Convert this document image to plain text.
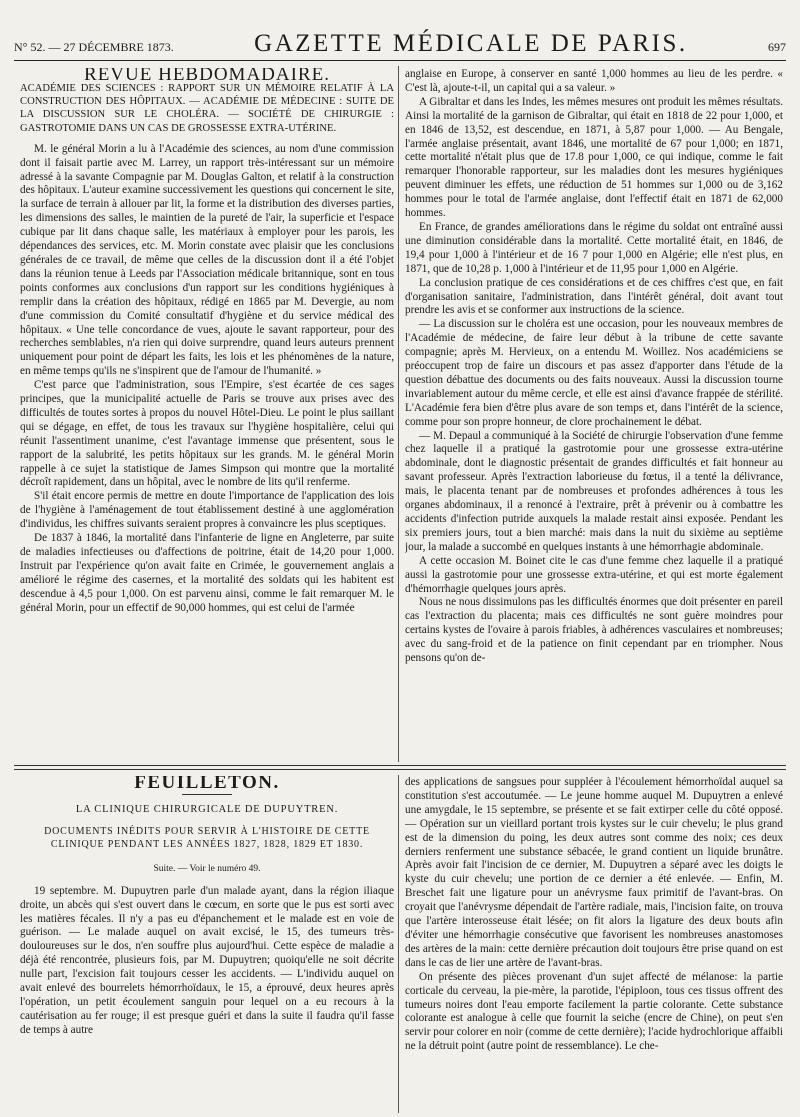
N° 52. — 27 DÉCEMBRE 1873.	GAZETTE MÉDICALE DE PARIS.	697

REVUE HEBDOMADAIRE.

ACADÉMIE DES SCIENCES : RAPPORT SUR UN MÉMOIRE RELATIF À LA CONSTRUCTION DES HÔPITAUX. — ACADÉMIE DE MÉDECINE : SUITE DE LA DISCUSSION SUR LE CHOLÉRA. — SOCIÉTÉ DE CHIRURGIE : GASTROTOMIE DANS UN CAS DE GROSSESSE EXTRA-UTÉRINE.

M. le général Morin a lu à l'Académie des sciences, au nom d'une commission dont il faisait partie avec M. Larrey, un rapport très-intéressant sur un mémoire adressé à la savante Compagnie par M. Douglas Galton, et relatif à la construction des hôpitaux. L'auteur examine successivement les questions qui concernent le site, la surface de terrain à allouer par lit, la forme et la distribution des diverses parties, les dimensions des salles, le maintien de la pureté de l'air, la superficie et l'espace cubique par lit dans chaque salle, les matériaux à employer pour les parois, les dépendances des services, etc. M. Morin constate avec plaisir que les conclusions générales de ce travail, de même que celles de la discussion dont il a été l'objet dans la réunion tenue à Leeds par l'Association médicale britannique, sont en tous points conformes aux conclusions d'un rapport sur les conditions hygiéniques à remplir dans la création des hôpitaux, rédigé en 1865 par M. Devergie, au nom d'une commission du Comité consultatif d'hygiène et du service médical des hôpitaux. « Une telle concordance de vues, ajoute le savant rapporteur, pour des recherches semblables, n'a rien qui doive surprendre, quand leurs auteurs prennent uniquement pour point de départ les faits, les lois et les phénomènes de la nature, en même temps qu'ils ne s'inspirent que de l'amour de l'humanité. »

C'est parce que l'administration, sous l'Empire, s'est écartée de ces sages principes, que la municipalité actuelle de Paris se trouve aux prises avec des difficultés de toutes sortes à propos du nouvel Hôtel-Dieu. Le point le plus saillant qui se dégage, en effet, de tous les travaux sur l'hygiène hospitalière, celui qui réunit l'assentiment unanime, c'est l'avantage immense que présentent, sous le rapport de la salubrité, les petits hôpitaux sur les grands. M. le général Morin rappelle à ce sujet la statistique de James Simpson qui montre que la mortalité décroît rapidement, dans un hôpital, avec le nombre de lits qu'il renferme.

S'il était encore permis de mettre en doute l'importance de l'application des lois de l'hygiène à l'aménagement de tout établissement destiné à une agglomération d'individus, les chiffres suivants seraient propres à convaincre les plus sceptiques.

De 1837 à 1846, la mortalité dans l'infanterie de ligne en Angleterre, par suite de maladies infectieuses ou d'affections de poitrine, était de 14,20 pour 1,000. Instruit par l'expérience qu'on avait faite en Crimée, le gouvernement anglais a amélioré le régime des casernes, et la mortalité des soldats qui les habitent est descendue à 4,5 pour 1,000. On est parvenu ainsi, comme le fait remarquer M. le général Morin, pour un effectif de 90,000 hommes, qui est celui de l'armée

anglaise en Europe, à conserver en santé 1,000 hommes au lieu de les perdre. « C'est là, ajoute-t-il, un capital qui a sa valeur. »

A Gibraltar et dans les Indes, les mêmes mesures ont produit les mêmes résultats. Ainsi la mortalité de la garnison de Gibraltar, qui était en 1818 de 22 pour 1,000, et en 1846 de 13,52, est descendue, en 1871, à 5,87 pour 1,000. — Au Bengale, l'armée anglaise présentait, avant 1846, une mortalité de 67 pour 1,000; en 1871, cette mortalité n'était plus que de 17.8 pour 1,000, ce qui indique, comme le fait remarquer l'honorable rapporteur, sur les maladies dont les mesures hygiéniques peuvent diminuer les effets, une réduction de 51 hommes sur 1,000 ou de 3,162 hommes pour le total de l'armée anglaise, dont l'effectif était en 1871 de 62,000 hommes.

En France, de grandes améliorations dans le régime du soldat ont entraîné aussi une diminution considérable dans la mortalité. Cette mortalité était, en 1846, de 19,4 pour 1,000 à l'intérieur et de 16 7 pour 1,000 en Algérie; elle n'est plus, en 1871, que de 10,28 p. 1,000 à l'intérieur et de 11,95 pour 1,000 en Algérie.

La conclusion pratique de ces considérations et de ces chiffres c'est que, en fait d'organisation sanitaire, l'administration, dans l'intérêt général, doit avant tout prendre les avis et se conformer aux instructions de la science.

— La discussion sur le choléra est une occasion, pour les nouveaux membres de l'Académie de médecine, de faire leur début à la tribune de cette savante compagnie; après M. Hervieux, on a entendu M. Woillez. Nos académiciens se préoccupent trop de faire un discours et pas assez d'apporter dans l'étude de la question débattue des documents ou des faits nouveaux. Aussi la discussion tourne invariablement autour du même cercle, et elle est ainsi d'avance frappée de stérilité. L'Académie fera bien d'être plus avare de son temps et, dans l'intérêt de la science, comme pour son propre honneur, de clore prochainement le débat.

— M. Depaul a communiqué à la Société de chirurgie l'observation d'une femme chez laquelle il a pratiqué la gastrotomie pour une grossesse extra-utérine abdominale, dont le diagnostic présentait de grandes difficultés et fait honneur au savant professeur. Après l'extraction laborieuse du fœtus, il a tenté la délivrance, mais, le placenta tenant par de nombreuses et profondes adhérences à tous les organes abdominaux, il a renoncé à l'extraire, prêt à prévenir ou à combattre les accidents d'infection putride auxquels la malade restait ainsi exposée. Pendant les six premiers jours, tout a bien marché: mais dans la nuit du sixième au septième jour, la malade a succombé en quelques instants à une hémorrhagie abdominale.

A cette occasion M. Boinet cite le cas d'une femme chez laquelle il a pratiqué aussi la gastrotomie pour une grossesse extra-utérine, et qui est morte également d'hémorrhagie quelques jours après.

Nous ne nous dissimulons pas les difficultés énormes que doit présenter en pareil cas l'extraction du placenta; mais ces difficultés ne sont guère moindres pour certains kystes de l'ovaire à parois friables, à adhérences vasculaires et nombreuses; avec du sang-froid et de la patience on finit cependant par en triompher. Nous pensons qu'on de-

FEUILLETON.

LA CLINIQUE CHIRURGICALE DE DUPUYTREN.

DOCUMENTS INÉDITS POUR SERVIR À L'HISTOIRE DE CETTE CLINIQUE PENDANT LES ANNÉES 1827, 1828, 1829 ET 1830.

Suite. — Voir le numéro 49.

19 septembre. M. Dupuytren parle d'un malade ayant, dans la région iliaque droite, un abcès qui s'est ouvert dans le cœcum, en sorte que le pus est sorti avec les matières fécales. Il n'y a pas eu d'épanchement et le malade est en voie de guérison. — Le malade auquel on avait excisé, le 15, des tumeurs très-douloureuses sur le dos, n'en souffre plus aujourd'hui. Cette espèce de maladie a déjà été rencontrée, plusieurs fois, par M. Dupuytren; quoiqu'elle ne soit décrite nulle part, l'excision fait toujours cesser les accidents. — L'individu auquel on avait enlevé des bourrelets hémorrhoïdaux, le 15, a éprouvé, deux heures après l'opération, un petit écoulement sanguin pour lequel on a eu recours à la cautérisation au fer rouge; il est presque guéri et dans la suite il faudra qu'il fasse de temps à autre

des applications de sangsues pour suppléer à l'écoulement hémorrhoïdal auquel sa constitution s'est accoutumée. — Le jeune homme auquel M. Dupuytren a enlevé une amygdale, le 15 septembre, se présente et se fait extirper celle du côté opposé. — Opération sur un vieillard portant trois kystes sur le cuir chevelu; le plus grand est de la dimension du poing, les deux autres sont comme des noix; ces deux derniers renferment une substance sébacée, le grand contient un liquide brunâtre. Après avoir fait l'incision de ce dernier, M. Dupuytren a séparé avec les doigts le kyste du cuir chevelu; une portion de ce dernier a été enlevée. — Enfin, M. Breschet fait une ligature pour un anévrysme faux primitif de l'avant-bras. On croyait que l'anévrysme dépendait de l'artère radiale, mais, l'incision faite, on trouva que l'artère interosseuse était lésée; on fit alors la ligature des deux bouts afin d'éviter une hémorrhagie consécutive que favorisent les nombreuses anastomoses des artères de la main: cette dernière précaution doit toujours être prise quand on est dans le cas de lier une artère de l'avant-bras.

On présente des pièces provenant d'un sujet affecté de mélanose: la partie corticale du cerveau, la pie-mère, la parotide, l'épiploon, tous ces tissus offrent des tumeurs noires dont l'eau emporte facilement la partie colorante. Cette substance colorante est analogue à celle que fournit la seiche (encre de Chine), on peut s'en servir pour colorer en noir (comme de cette dernière); l'acide hydrochlorique affaibli ne la détruit point (autre point de ressemblance). Le che-
